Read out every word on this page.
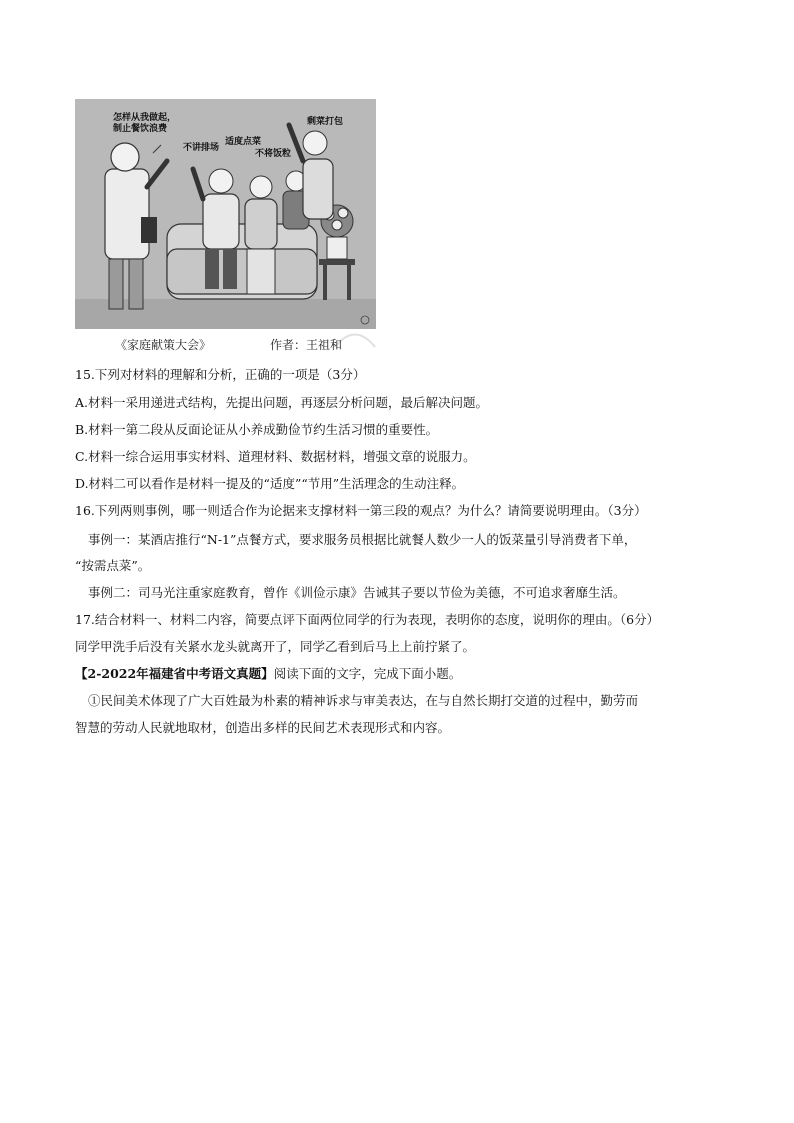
怎样从我做起，
制止餐饮浪费
不讲排场
适度点菜
不将饭粒
剩菜打包
《家庭献策大会》	作者：王祖和
15.下列对材料的理解和分析，正确的一项是（3分）
A.材料一采用递进式结构，先提出问题，再逐层分析问题，最后解决问题。
B.材料一第二段从反面论证从小养成勤俭节约生活习惯的重要性。
C.材料一综合运用事实材料、道理材料、数据材料，增强文章的说服力。
D.材料二可以看作是材料一提及的“适度”“节用”生活理念的生动注释。
16.下列两则事例，哪一则适合作为论据来支撑材料一第三段的观点？为什么？请简要说明理由。（3分）
事例一：某酒店推行“N-1”点餐方式，要求服务员根据比就餐人数少一人的饭菜量引导消费者下单，
“按需点菜”。
事例二：司马光注重家庭教育，曾作《训俭示康》告诫其子要以节俭为美德，不可追求奢靡生活。
17.结合材料一、材料二内容，简要点评下面两位同学的行为表现，表明你的态度，说明你的理由。（6分）
同学甲洗手后没有关紧水龙头就离开了，同学乙看到后马上上前拧紧了。
【2-2022年福建省中考语文真题】阅读下面的文字，完成下面小题。
①民间美术体现了广大百姓最为朴素的精神诉求与审美表达，在与自然长期打交道的过程中，勤劳而
智慧的劳动人民就地取材，创造出多样的民间艺术表现形式和内容。
